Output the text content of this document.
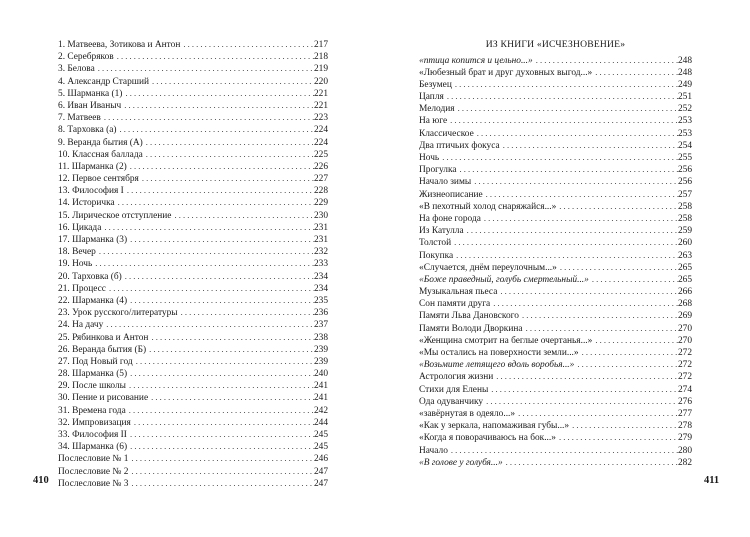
1. Матвеева, Зотикова и Антон . . .	217
2. Серебряков . . .	218
3. Белова . . .	219
4. Александр Старший . . .	220
5. Шарманка (1) . . .	221
6. Иван Иваныч . . .	221
7. Матвеев . . .	223
8. Тарховка (а) . . .	224
9. Веранда бытия (А) . . .	224
10. Классная баллада . . .	225
11. Шарманка (2) . . .	226
12. Первое сентября . . .	227
13. Философия I . . .	228
14. Историчка . . .	229
15. Лирическое отступление . . .	230
16. Цикада . . .	231
17. Шарманка (3) . . .	231
18. Вечер . . .	232
19. Ночь . . .	233
20. Тарховка (б) . . .	234
21. Процесс . . .	234
22. Шарманка (4) . . .	235
23. Урок русского/литературы . . .	236
24. На дачу . . .	237
25. Рябинкова и Антон . . .	238
26. Веранда бытия (Б) . . .	239
27. Под Новый год . . .	239
28. Шарманка (5) . . .	240
29. После школы . . .	241
30. Пение и рисование . . .	241
31. Времена года . . .	242
32. Импровизация . . .	244
33. Философия II . . .	245
34. Шарманка (6) . . .	245
Послесловие № 1 . . .	246
Послесловие № 2 . . .	247
Послесловие № 3 . . .	247
410
ИЗ КНИГИ «ИСЧЕЗНОВЕНИЕ»
«птица копится и цельно...» . . .	248
«Любезный брат и друг духовных выгод...» . . .	248
Безумец . . .	249
Цапля . . .	251
Мелодия . . .	252
На юге . . .	253
Классическое . . .	253
Два птичьих фокуса . . .	254
Ночь . . .	255
Прогулка . . .	256
Начало зимы . . .	256
Жизнеописание . . .	257
«В пехотный холод снаряжайся...» . . .	258
На фоне города . . .	258
Из Катулла . . .	259
Толстой . . .	260
Покупка . . .	263
«Случается, днём переулочным...» . . .	265
«Боже праведный, голубь смертельный...» . . .	265
Музыкальная пьеса . . .	266
Сон памяти друга . . .	268
Памяти Льва Дановского . . .	269
Памяти Володи Дворкина . . .	270
«Женщина смотрит на беглые очертанья...» . . .	270
«Мы остались на поверхности земли...» . . .	272
«Возьмите летящего вдоль воробья...» . . .	272
Астрология жизни . . .	272
Стихи для Елены . . .	274
Ода одуванчику . . .	276
«завёрнутая в одеяло...» . . .	277
«Как у зеркала, напомаживая губы...» . . .	278
«Когда я поворачиваюсь на бок...» . . .	279
Начало . . .	280
«В голове у голубя...» . . .	282
411
